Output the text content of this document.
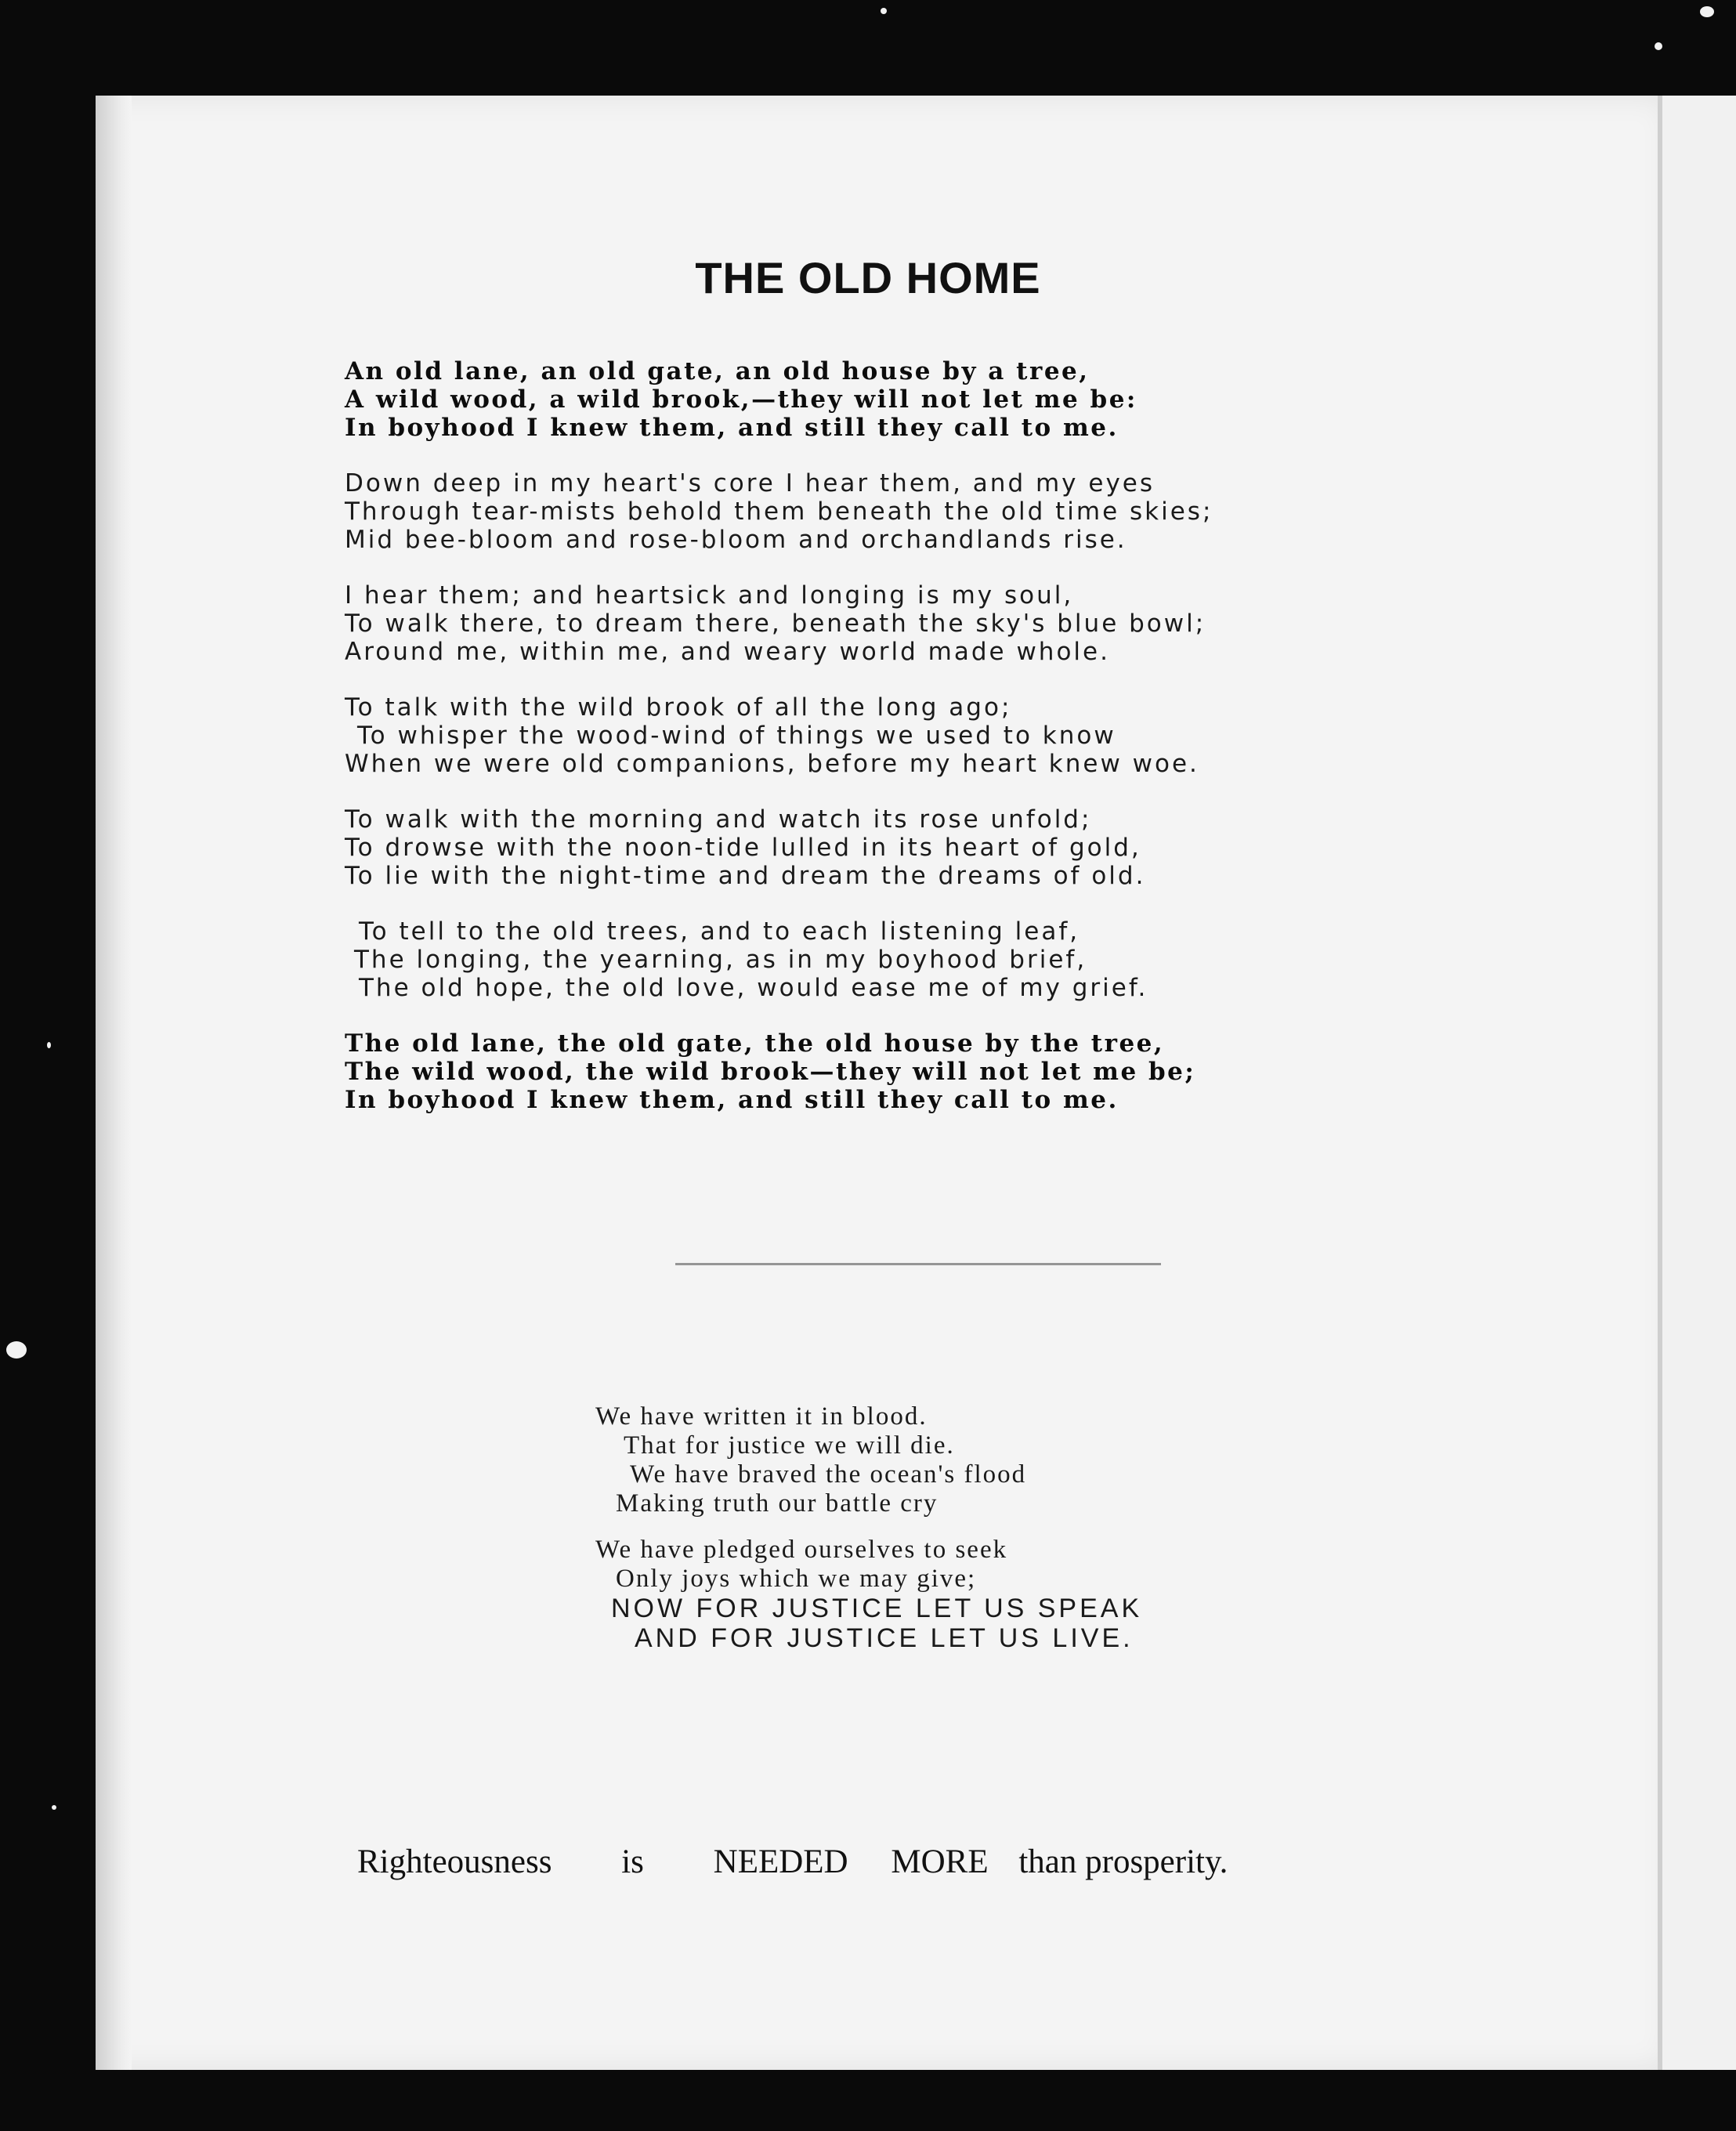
THE OLD HOME
An old lane, an old gate, an old house by a tree,
A wild wood, a wild brook,—they will not let me be:
In boyhood I knew them, and still they call to me.
Down deep in my heart's core I hear them, and my eyes
Through tear-mists behold them beneath the old time skies;
Mid bee-bloom and rose-bloom and orchandlands rise.
I hear them; and heartsick and longing is my soul,
To walk there, to dream there, beneath the sky's blue bowl;
Around me, within me, and weary world made whole.
To talk with the wild brook of all the long ago;
To whisper the wood-wind of things we used to know
When we were old companions, before my heart knew woe.
To walk with the morning and watch its rose unfold;
To drowse with the noon-tide lulled in its heart of gold,
To lie with the night-time and dream the dreams of old.
To tell to the old trees, and to each listening leaf,
The longing, the yearning, as in my boyhood brief,
The old hope, the old love, would ease me of my grief.
The old lane, the old gate, the old house by the tree,
The wild wood, the wild brook—they will not let me be;
In boyhood I knew them, and still they call to me.
We have written it in blood.
That for justice we will die.
We have braved the ocean's flood
Making truth our battle cry
We have pledged ourselves to seek
Only joys which we may give;
NOW FOR JUSTICE LET US SPEAK
AND FOR JUSTICE LET US LIVE.
Righteousness is NEEDED MORE than prosperity.
